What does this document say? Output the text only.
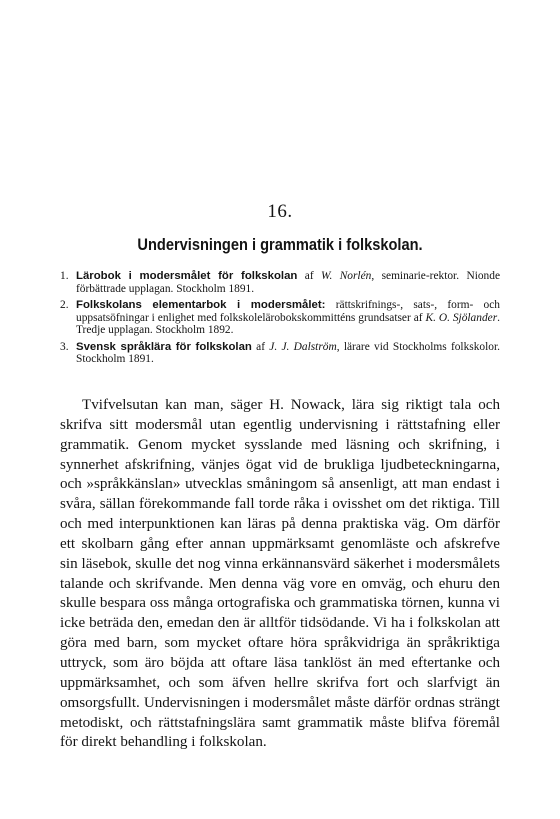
16.
Undervisningen i grammatik i folkskolan.
1. Lärobok i modersmålet för folkskolan af W. Norlén, seminarie-rektor. Nionde förbättrade upplagan. Stockholm 1891.
2. Folkskolans elementarbok i modersmålet: rättskrifnings-, sats-, form- och uppsatsöfningar i enlighet med folkskolelärobokskommitténs grundsatser af K. O. Sjölander. Tredje upplagan. Stockholm 1892.
3. Svensk språklära för folkskolan af J. J. Dalström, lärare vid Stockholms folkskolor. Stockholm 1891.

Tvifvelsutan kan man, säger H. Nowack, lära sig riktigt tala och skrifva sitt modersmål utan egentlig undervisning i rättstafning eller grammatik. Genom mycket sysslande med läsning och skrifning, i synnerhet afskrifning, vänjes ögat vid de brukliga ljudbeteckningarna, och »språkkänslan» utvecklas småningom så ansenligt, att man endast i svåra, sällan förekommande fall torde råka i ovisshet om det riktiga. Till och med interpunktionen kan läras på denna praktiska väg. Om därför ett skolbarn gång efter annan uppmärksamt genomläste och afskrefve sin läsebok, skulle det nog vinna erkännansvärd säkerhet i modersmålets talande och skrifvande. Men denna väg vore en omväg, och ehuru den skulle bespara oss många ortografiska och grammatiska törnen, kunna vi icke beträda den, emedan den är alltför tidsödande. Vi ha i folkskolan att göra med barn, som mycket oftare höra språkvidriga än språkriktiga uttryck, som äro böjda att oftare läsa tanklöst än med eftertanke och uppmärksamhet, och som äfven hellre skrifva fort och slarfvigt än omsorgsfullt. Undervisningen i modersmålet måste därför ordnas strängt metodiskt, och rättstafningslära samt grammatik måste blifva föremål för direkt behandling i folkskolan.
